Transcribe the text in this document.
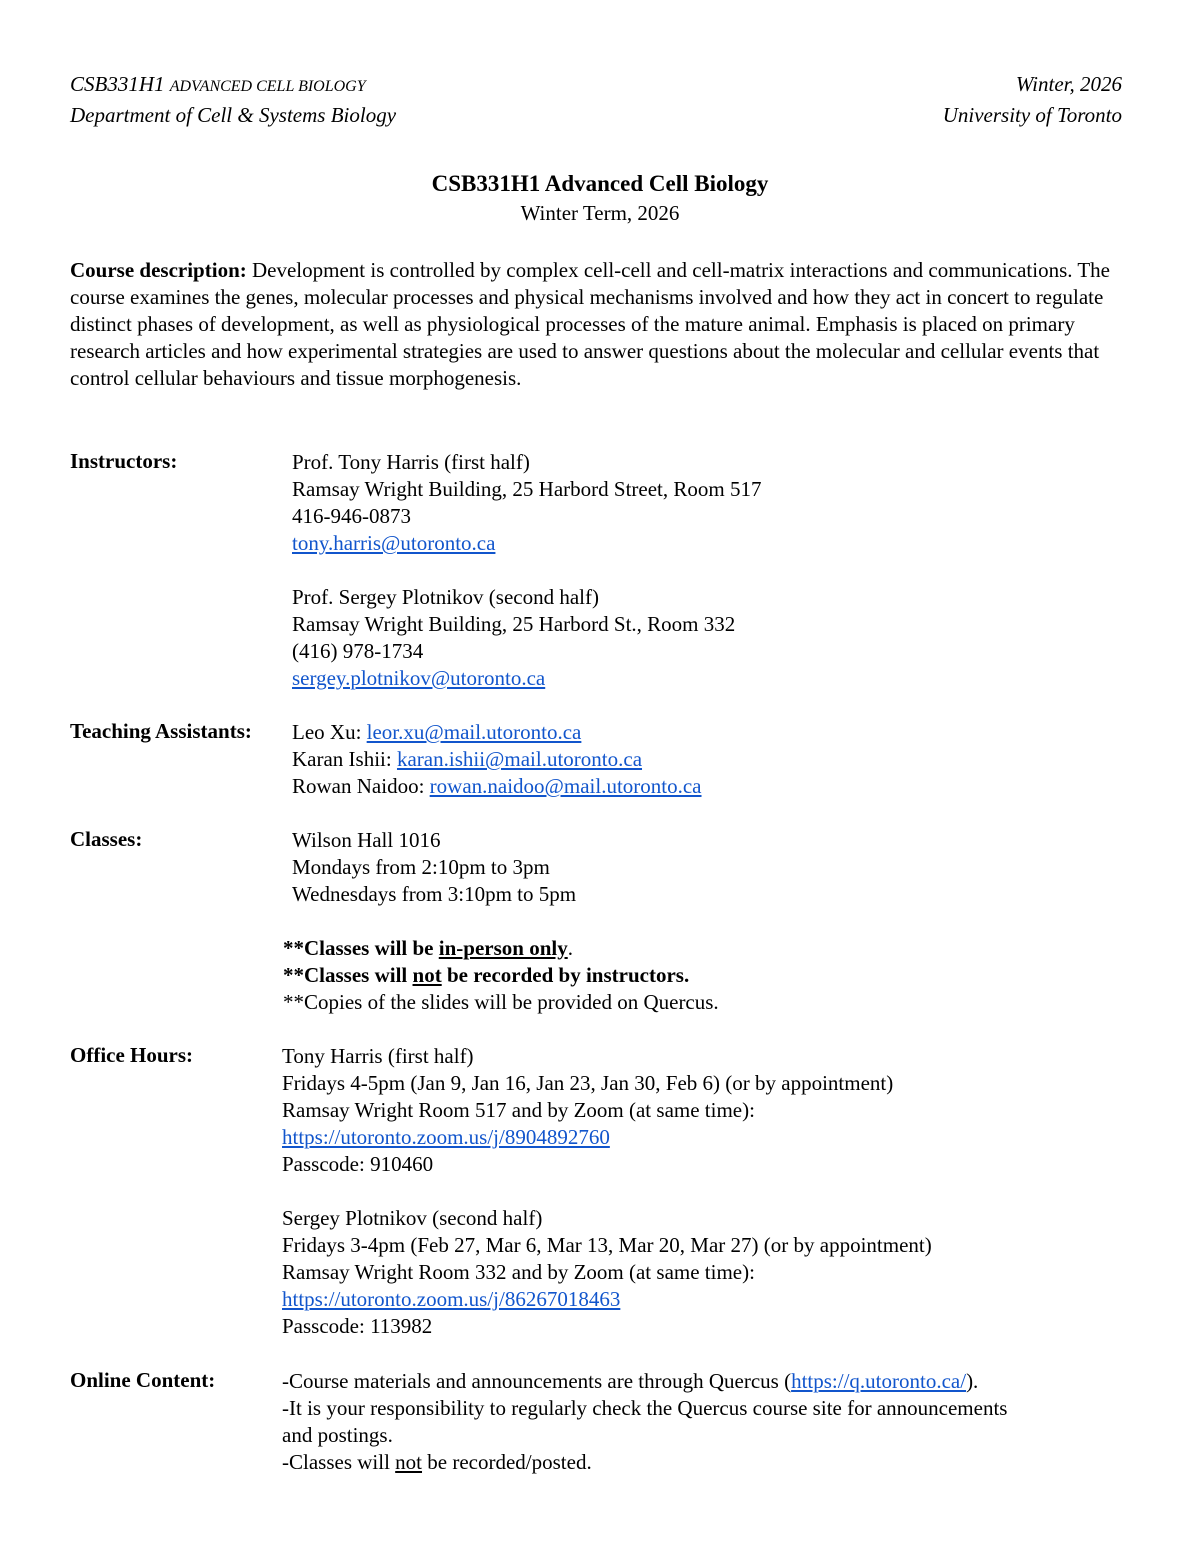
CSB331H1 ADVANCED CELL BIOLOGY	Winter, 2026
Department of Cell & Systems Biology	University of Toronto
CSB331H1 Advanced Cell Biology
Winter Term, 2026
Course description: Development is controlled by complex cell-cell and cell-matrix interactions and communications. The course examines the genes, molecular processes and physical mechanisms involved and how they act in concert to regulate distinct phases of development, as well as physiological processes of the mature animal. Emphasis is placed on primary research articles and how experimental strategies are used to answer questions about the molecular and cellular events that control cellular behaviours and tissue morphogenesis.
Instructors:	Prof. Tony Harris (first half)
Ramsay Wright Building, 25 Harbord Street, Room 517
416-946-0873
tony.harris@utoronto.ca
Prof. Sergey Plotnikov (second half)
Ramsay Wright Building, 25 Harbord St., Room 332
(416) 978-1734
sergey.plotnikov@utoronto.ca
Teaching Assistants: Leo Xu: leor.xu@mail.utoronto.ca
Karan Ishii: karan.ishii@mail.utoronto.ca
Rowan Naidoo: rowan.naidoo@mail.utoronto.ca
Classes:	Wilson Hall 1016
Mondays from 2:10pm to 3pm
Wednesdays from 3:10pm to 5pm
**Classes will be in-person only.
**Classes will not be recorded by instructors.
**Copies of the slides will be provided on Quercus.
Office Hours:	Tony Harris (first half)
Fridays 4-5pm (Jan 9, Jan 16, Jan 23, Jan 30, Feb 6) (or by appointment)
Ramsay Wright Room 517 and by Zoom (at same time):
https://utoronto.zoom.us/j/8904892760
Passcode: 910460
Sergey Plotnikov (second half)
Fridays 3-4pm (Feb 27, Mar 6, Mar 13, Mar 20, Mar 27) (or by appointment)
Ramsay Wright Room 332 and by Zoom (at same time):
https://utoronto.zoom.us/j/86267018463
Passcode: 113982
Online Content:	-Course materials and announcements are through Quercus (https://q.utoronto.ca/).
-It is your responsibility to regularly check the Quercus course site for announcements
and postings.
-Classes will not be recorded/posted.
